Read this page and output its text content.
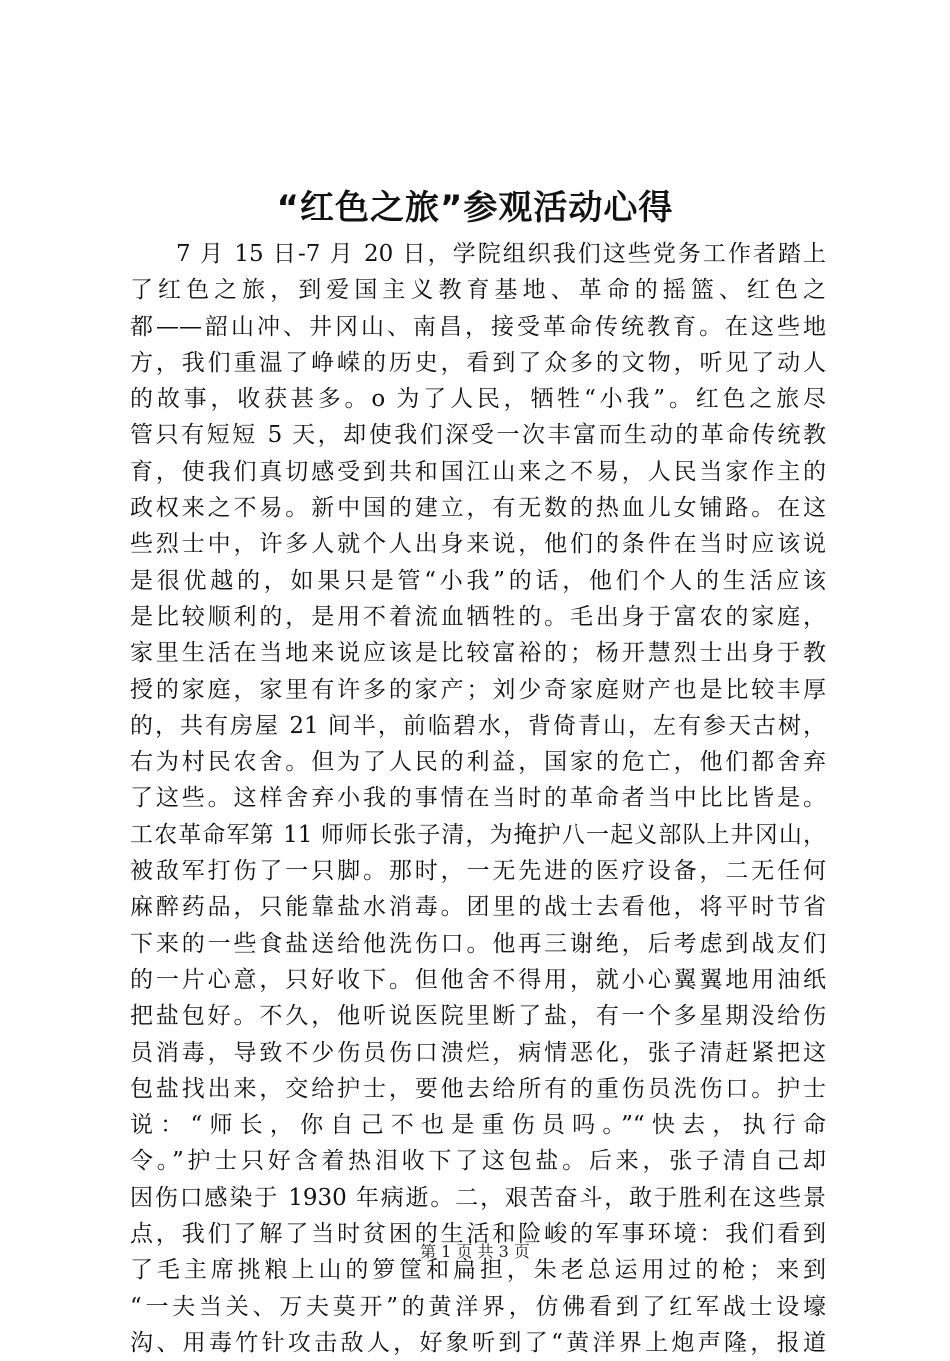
“红色之旅”参观活动心得
7 月 15 日-7 月 20 日，学院组织我们这些党务工作者踏上
了红色之旅，到爱国主义教育基地、革命的摇篮、红色之
都——韶山冲、井冈山、南昌，接受革命传统教育。在这些地
方，我们重温了峥嵘的历史，看到了众多的文物，听见了动人
的故事，收获甚多。o 为了人民，牺牲“小我”。红色之旅尽
管只有短短 5 天，却使我们深受一次丰富而生动的革命传统教
育，使我们真切感受到共和国江山来之不易，人民当家作主的
政权来之不易。新中国的建立，有无数的热血儿女铺路。在这
些烈士中，许多人就个人出身来说，他们的条件在当时应该说
是很优越的，如果只是管“小我”的话，他们个人的生活应该
是比较顺利的，是用不着流血牺牲的。毛出身于富农的家庭，
家里生活在当地来说应该是比较富裕的；杨开慧烈士出身于教
授的家庭，家里有许多的家产；刘少奇家庭财产也是比较丰厚
的，共有房屋 21 间半，前临碧水，背倚青山，左有参天古树，
右为村民农舍。但为了人民的利益，国家的危亡，他们都舍弃
了这些。这样舍弃小我的事情在当时的革命者当中比比皆是。
工农革命军第 11 师师长张子清，为掩护八一起义部队上井冈山，
被敌军打伤了一只脚。那时，一无先进的医疗设备，二无任何
麻醉药品，只能靠盐水消毒。团里的战士去看他，将平时节省
下来的一些食盐送给他洗伤口。他再三谢绝，后考虑到战友们
的一片心意，只好收下。但他舍不得用，就小心翼翼地用油纸
把盐包好。不久，他听说医院里断了盐，有一个多星期没给伤
员消毒，导致不少伤员伤口溃烂，病情恶化，张子清赶紧把这
包盐找出来，交给护士，要他去给所有的重伤员洗伤口。护士
说：“师长，你自己不也是重伤员吗。”“快去，执行命
令。”护士只好含着热泪收下了这包盐。后来，张子清自己却
因伤口感染于 1930 年病逝。二，艰苦奋斗，敢于胜利在这些景
点，我们了解了当时贫困的生活和险峻的军事环境：我们看到
了毛主席挑粮上山的箩筐和扁担，朱老总运用过的枪；来到
“一夫当关、万夫莫开”的黄洋界，仿佛看到了红军战士设壕
沟、用毒竹针攻击敌人，好象听到了“黄洋界上炮声隆，报道
第 1 页 共 3 页
